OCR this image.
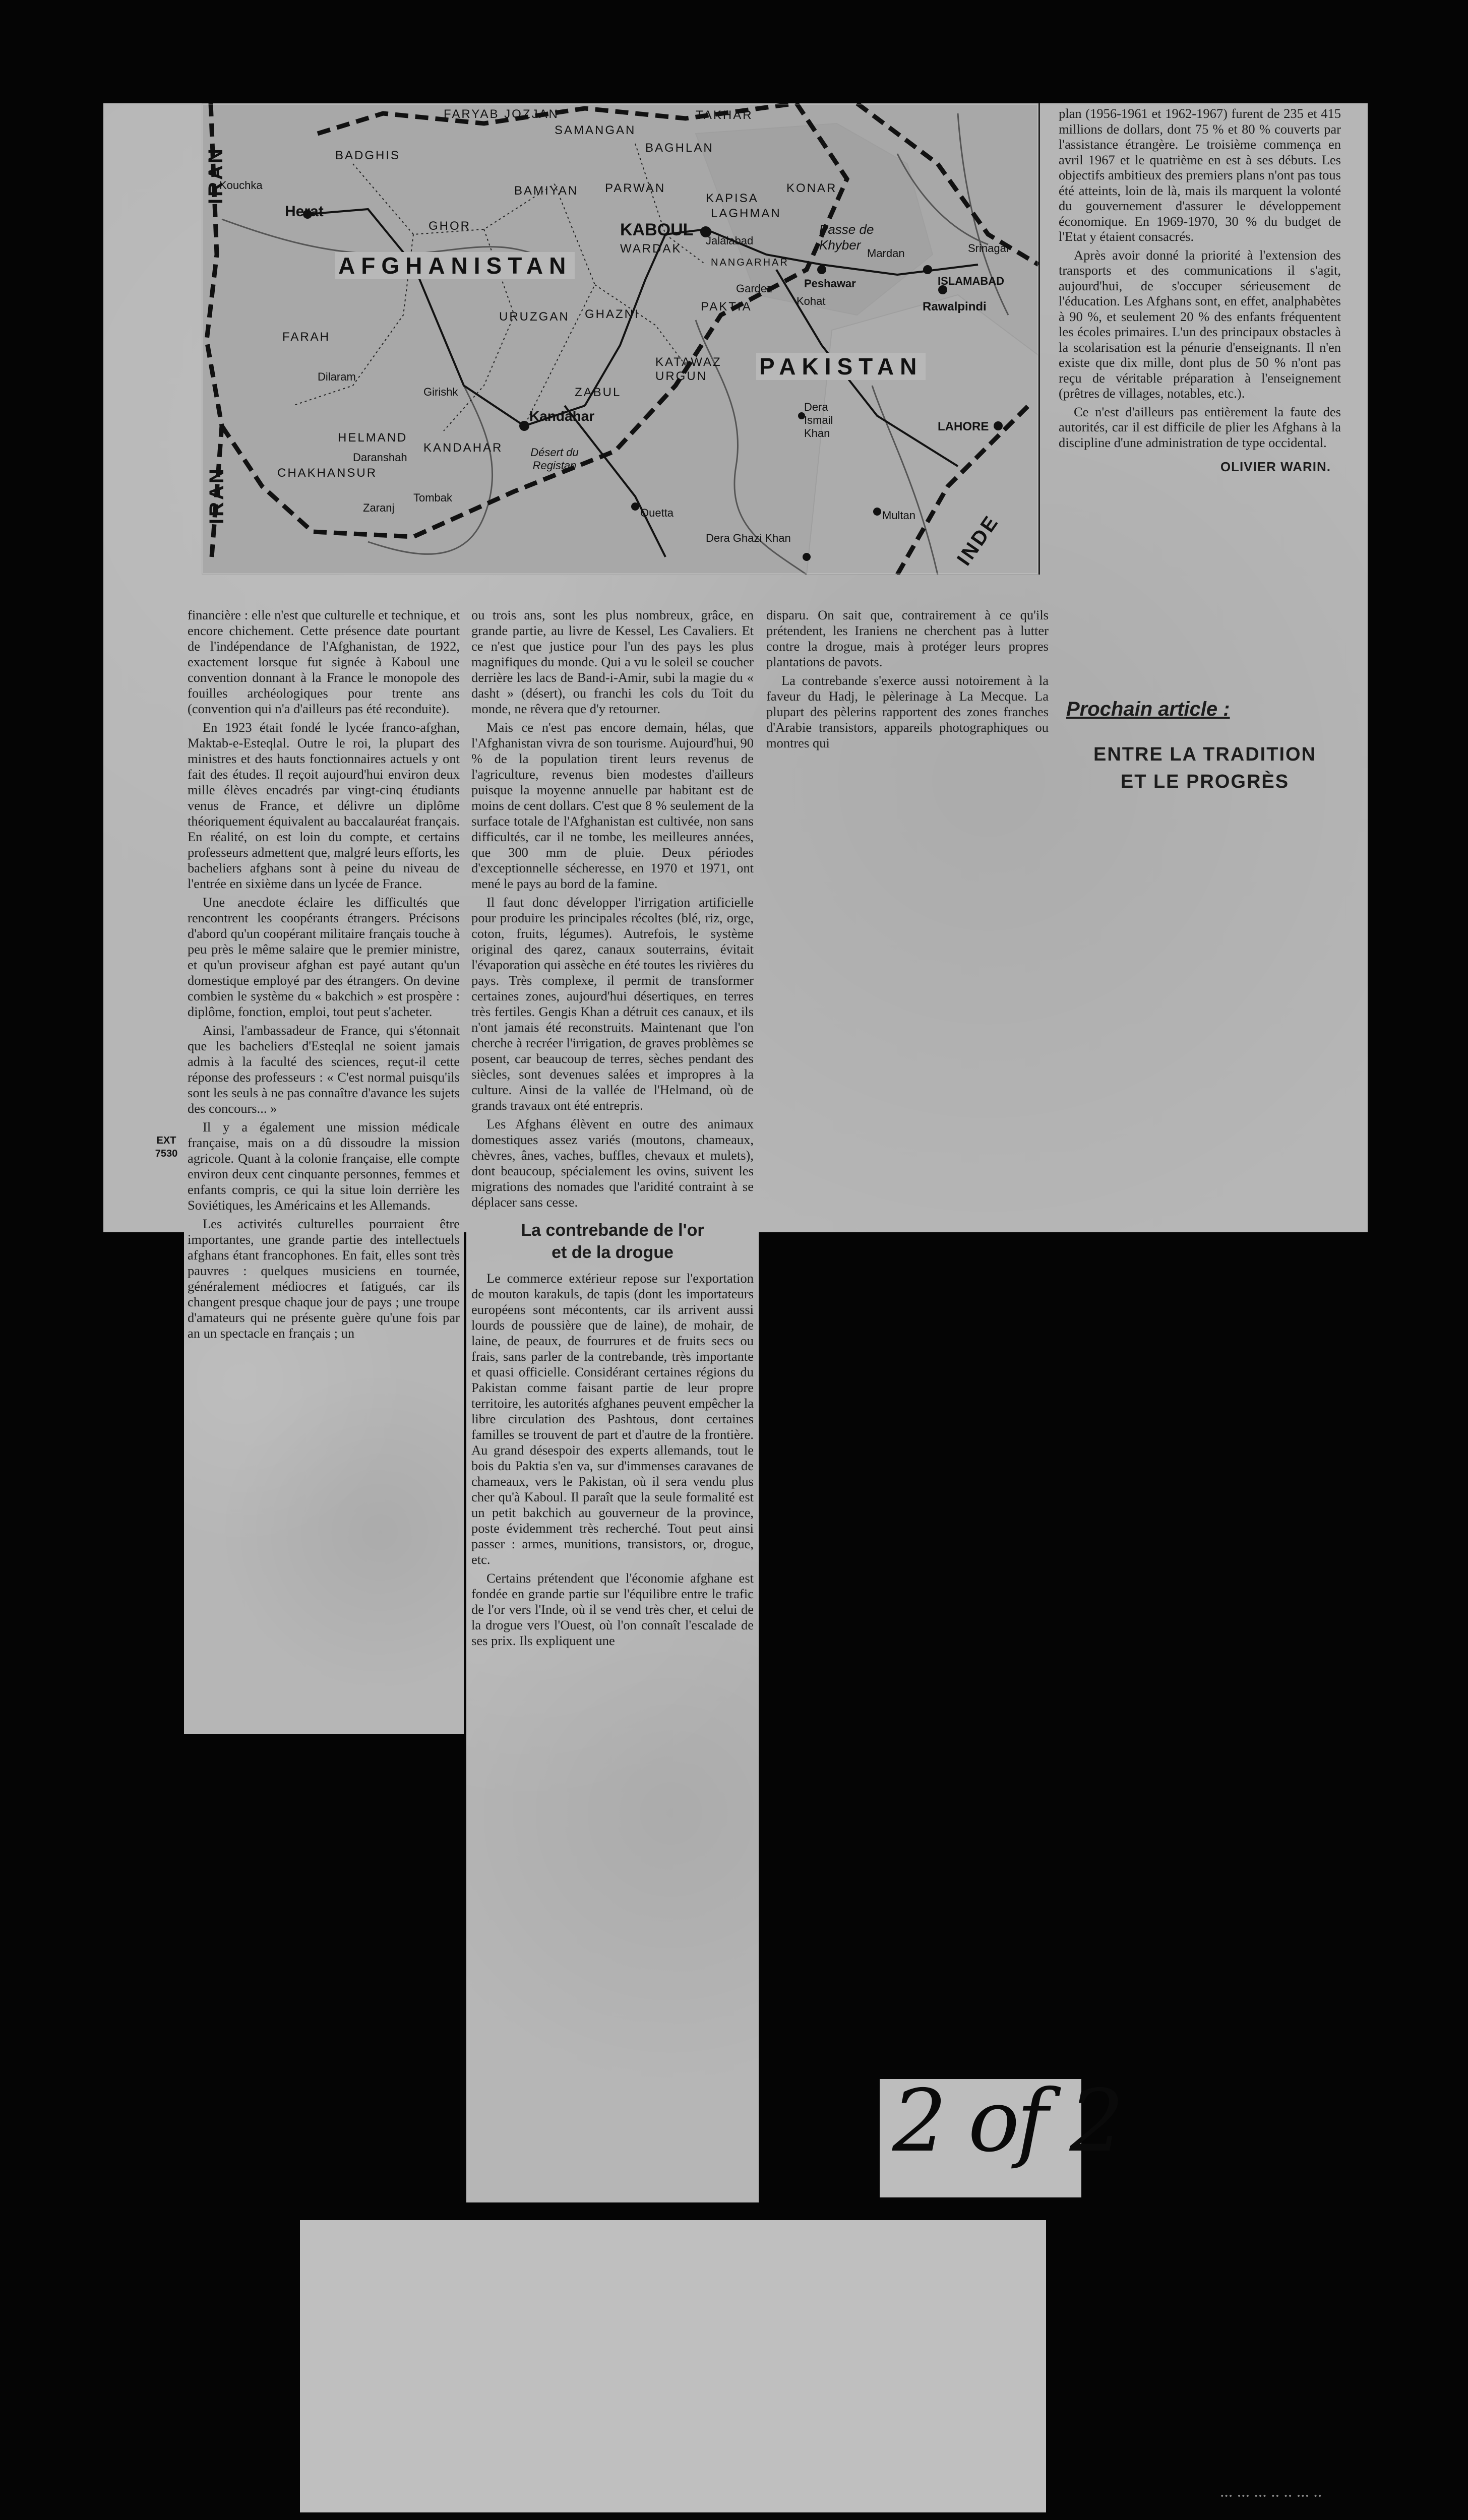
2 of 2
••• ••• ••• •• •• ••• ••
IRAN
IRAN
AFGHANISTAN
PAKISTAN
INDE
KABOUL
Herat
Kandahar
Peshawar	ISLAMABAD
Rawalpindi
LAHORE
Quetta	Multan
Dera Ghazi Khan
Dera Ismail Khan
Srinagar
Passe de Khyber
Désert du Registan
BADGHIS
GHOR
FARAH
HELMAND
CHAKHANSUR
KANDAHAR
BAMIYAN PARWAN
KAPISA
LAGHMAN
WARDAK
PAKTIA
ZABUL
URUZGAN GHAZNI
KATAWAZ URGUN
SAMANGAN
BAGHLAN
TAKHAR
KONAR
FARYAB JOZJAN
NANGARHAR
Kouchka
Jalalabad
Mardan
Kohat
Gardez
Girishk
Dilaram
Daranshah
Zaranj
Tombak

financière : elle n'est que culturelle et technique, et encore chichement. Cette présence date pourtant de l'indépendance de l'Afghanistan, de 1922, exactement lorsque fut signée à Kaboul une convention donnant à la France le monopole des fouilles archéologiques pour trente ans (convention qui n'a d'ailleurs pas été reconduite).

En 1923 était fondé le lycée franco-afghan, Maktab-e-Esteqlal. Outre le roi, la plupart des ministres et des hauts fonctionnaires actuels y ont fait des études. Il reçoit aujourd'hui environ deux mille élèves encadrés par vingt-cinq étudiants venus de France, et délivre un diplôme théoriquement équivalent au baccalauréat français. En réalité, on est loin du compte, et certains professeurs admettent que, malgré leurs efforts, les bacheliers afghans sont à peine du niveau de l'entrée en sixième dans un lycée de France.

Une anecdote éclaire les difficultés que rencontrent les coopérants étrangers. Précisons d'abord qu'un coopérant militaire français touche à peu près le même salaire que le premier ministre, et qu'un proviseur afghan est payé autant qu'un domestique employé par des étrangers. On devine combien le système du « bakchich » est prospère : diplôme, fonction, emploi, tout peut s'acheter.

Ainsi, l'ambassadeur de France, qui s'étonnait que les bacheliers d'Esteqlal ne soient jamais admis à la faculté des sciences, reçut-il cette réponse des professeurs : « C'est normal puisqu'ils sont les seuls à ne pas connaître d'avance les sujets des concours... »

Il y a également une mission médicale française, mais on a dû dissoudre la mission agricole. Quant à la colonie française, elle compte environ deux cent cinquante personnes, femmes et enfants compris, ce qui la situe loin derrière les Soviétiques, les Américains et les Allemands.

Les activités culturelles pourraient être importantes, une grande partie des intellectuels afghans étant francophones. En fait, elles sont très pauvres : quelques musiciens en tournée, généralement médiocres et fatigués, car ils changent presque chaque jour de pays ; une troupe d'amateurs qui ne présente guère qu'une fois par an un spectacle en français ; un

EXT 7530

ou trois ans, sont les plus nombreux, grâce, en grande partie, au livre de Kessel, Les Cavaliers. Et ce n'est que justice pour l'un des pays les plus magnifiques du monde. Qui a vu le soleil se coucher derrière les lacs de Band-i-Amir, subi la magie du « dasht » (désert), ou franchi les cols du Toit du monde, ne rêvera que d'y retourner.

Mais ce n'est pas encore demain, hélas, que l'Afghanistan vivra de son tourisme. Aujourd'hui, 90 % de la population tirent leurs revenus de l'agriculture, revenus bien modestes d'ailleurs puisque la moyenne annuelle par habitant est de moins de cent dollars. C'est que 8 % seulement de la surface totale de l'Afghanistan est cultivée, non sans difficultés, car il ne tombe, les meilleures années, que 300 mm de pluie. Deux périodes d'exceptionnelle sécheresse, en 1970 et 1971, ont mené le pays au bord de la famine.

Il faut donc développer l'irrigation artificielle pour produire les principales récoltes (blé, riz, orge, coton, fruits, légumes). Autrefois, le système original des qarez, canaux souterrains, évitait l'évaporation qui assèche en été toutes les rivières du pays. Très complexe, il permit de transformer certaines zones, aujourd'hui désertiques, en terres très fertiles. Gengis Khan a détruit ces canaux, et ils n'ont jamais été reconstruits. Maintenant que l'on cherche à recréer l'irrigation, de graves problèmes se posent, car beaucoup de terres, sèches pendant des siècles, sont devenues salées et impropres à la culture. Ainsi de la vallée de l'Helmand, où de grands travaux ont été entrepris.

Les Afghans élèvent en outre des animaux domestiques assez variés (moutons, chameaux, chèvres, ânes, vaches, buffles, chevaux et mulets), dont beaucoup, spécialement les ovins, suivent les migrations des nomades que l'aridité contraint à se déplacer sans cesse.

La contrebande de l'or
et de la drogue

Le commerce extérieur repose sur l'exportation de mouton karakuls, de tapis (dont les importateurs européens sont mécontents, car ils arrivent aussi lourds de poussière que de laine), de mohair, de laine, de peaux, de fourrures et de fruits secs ou frais, sans parler de la contrebande, très importante et quasi officielle. Considérant certaines régions du Pakistan comme faisant partie de leur propre territoire, les autorités afghanes peuvent empêcher la libre circulation des Pashtous, dont certaines familles se trouvent de part et d'autre de la frontière. Au grand désespoir des experts allemands, tout le bois du Paktia s'en va, sur d'immenses caravanes de chameaux, vers le Pakistan, où il sera vendu plus cher qu'à Kaboul. Il paraît que la seule formalité est un petit bakchich au gouverneur de la province, poste évidemment très recherché. Tout peut ainsi passer : armes, munitions, transistors, or, drogue, etc.

Certains prétendent que l'économie afghane est fondée en grande partie sur l'équilibre entre le trafic de l'or vers l'Inde, où il se vend très cher, et celui de la drogue vers l'Ouest, où l'on connaît l'escalade de ses prix. Ils expliquent une

disparu. On sait que, contrairement à ce qu'ils prétendent, les Iraniens ne cherchent pas à lutter contre la drogue, mais à protéger leurs propres plantations de pavots.

La contrebande s'exerce aussi notoirement à la faveur du Hadj, le pèlerinage à La Mecque. La plupart des pèlerins rapportent des zones franches d'Arabie transistors, appareils photographiques ou montres qui

plan (1956-1961 et 1962-1967) furent de 235 et 415 millions de dollars, dont 75 % et 80 % couverts par l'assistance étrangère. Le troisième commença en avril 1967 et le quatrième en est à ses débuts. Les objectifs ambitieux des premiers plans n'ont pas tous été atteints, loin de là, mais ils marquent la volonté du gouvernement d'assurer le développement économique. En 1969-1970, 30 % du budget de l'Etat y étaient consacrés.

Après avoir donné la priorité à l'extension des transports et des communications il s'agit, aujourd'hui, de s'occuper sérieusement de l'éducation. Les Afghans sont, en effet, analphabètes à 90 %, et seulement 20 % des enfants fréquentent les écoles primaires. L'un des principaux obstacles à la scolarisation est la pénurie d'enseignants. Il n'en existe que dix mille, dont plus de 50 % n'ont pas reçu de véritable préparation à l'enseignement (prêtres de villages, notables, etc.).

Ce n'est d'ailleurs pas entièrement la faute des autorités, car il est difficile de plier les Afghans à la discipline d'une administration de type occidental.

OLIVIER WARIN.
Prochain article :
ENTRE LA TRADITION
ET LE PROGRÈS
